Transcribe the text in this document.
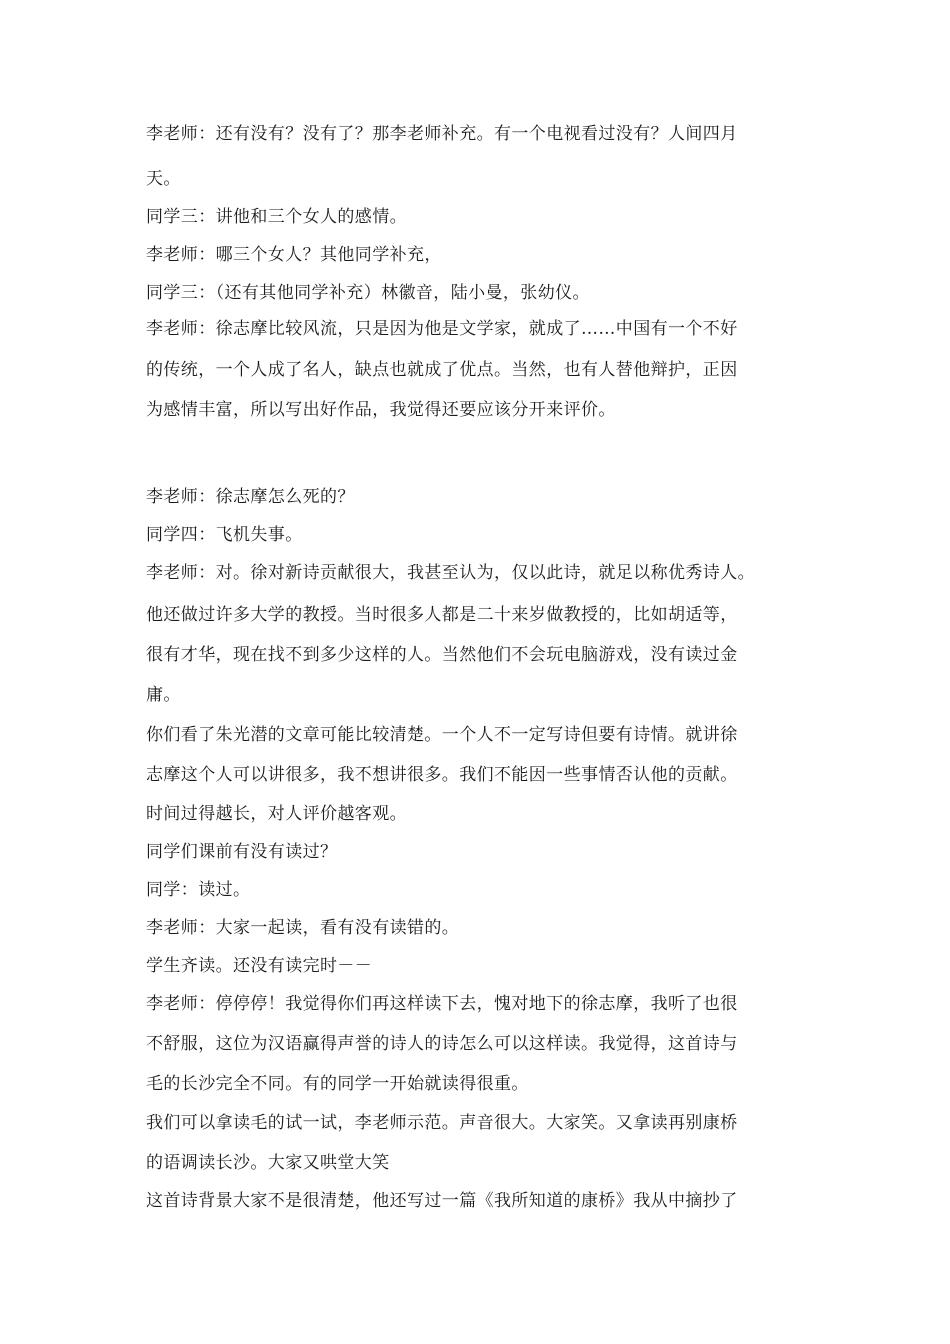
李老师：还有没有？没有了？那李老师补充。有一个电视看过没有？人间四月
天。
同学三：讲他和三个女人的感情。
李老师：哪三个女人？其他同学补充，
同学三：（还有其他同学补充）林徽音，陆小曼，张幼仪。
李老师：徐志摩比较风流，只是因为他是文学家，就成了……中国有一个不好
的传统，一个人成了名人，缺点也就成了优点。当然，也有人替他辩护，正因
为感情丰富，所以写出好作品，我觉得还要应该分开来评价。
李老师：徐志摩怎么死的？
同学四：飞机失事。
李老师：对。徐对新诗贡献很大，我甚至认为，仅以此诗，就足以称优秀诗人。
他还做过许多大学的教授。当时很多人都是二十来岁做教授的，比如胡适等，
很有才华，现在找不到多少这样的人。当然他们不会玩电脑游戏，没有读过金
庸。
你们看了朱光潜的文章可能比较清楚。一个人不一定写诗但要有诗情。就讲徐
志摩这个人可以讲很多，我不想讲很多。我们不能因一些事情否认他的贡献。
时间过得越长，对人评价越客观。
同学们课前有没有读过？
同学：读过。
李老师：大家一起读，看有没有读错的。
学生齐读。还没有读完时－－
李老师：停停停！我觉得你们再这样读下去，愧对地下的徐志摩，我听了也很
不舒服，这位为汉语赢得声誉的诗人的诗怎么可以这样读。我觉得，这首诗与
毛的长沙完全不同。有的同学一开始就读得很重。
我们可以拿读毛的试一试，李老师示范。声音很大。大家笑。又拿读再别康桥
的语调读长沙。大家又哄堂大笑
这首诗背景大家不是很清楚，他还写过一篇《我所知道的康桥》我从中摘抄了
